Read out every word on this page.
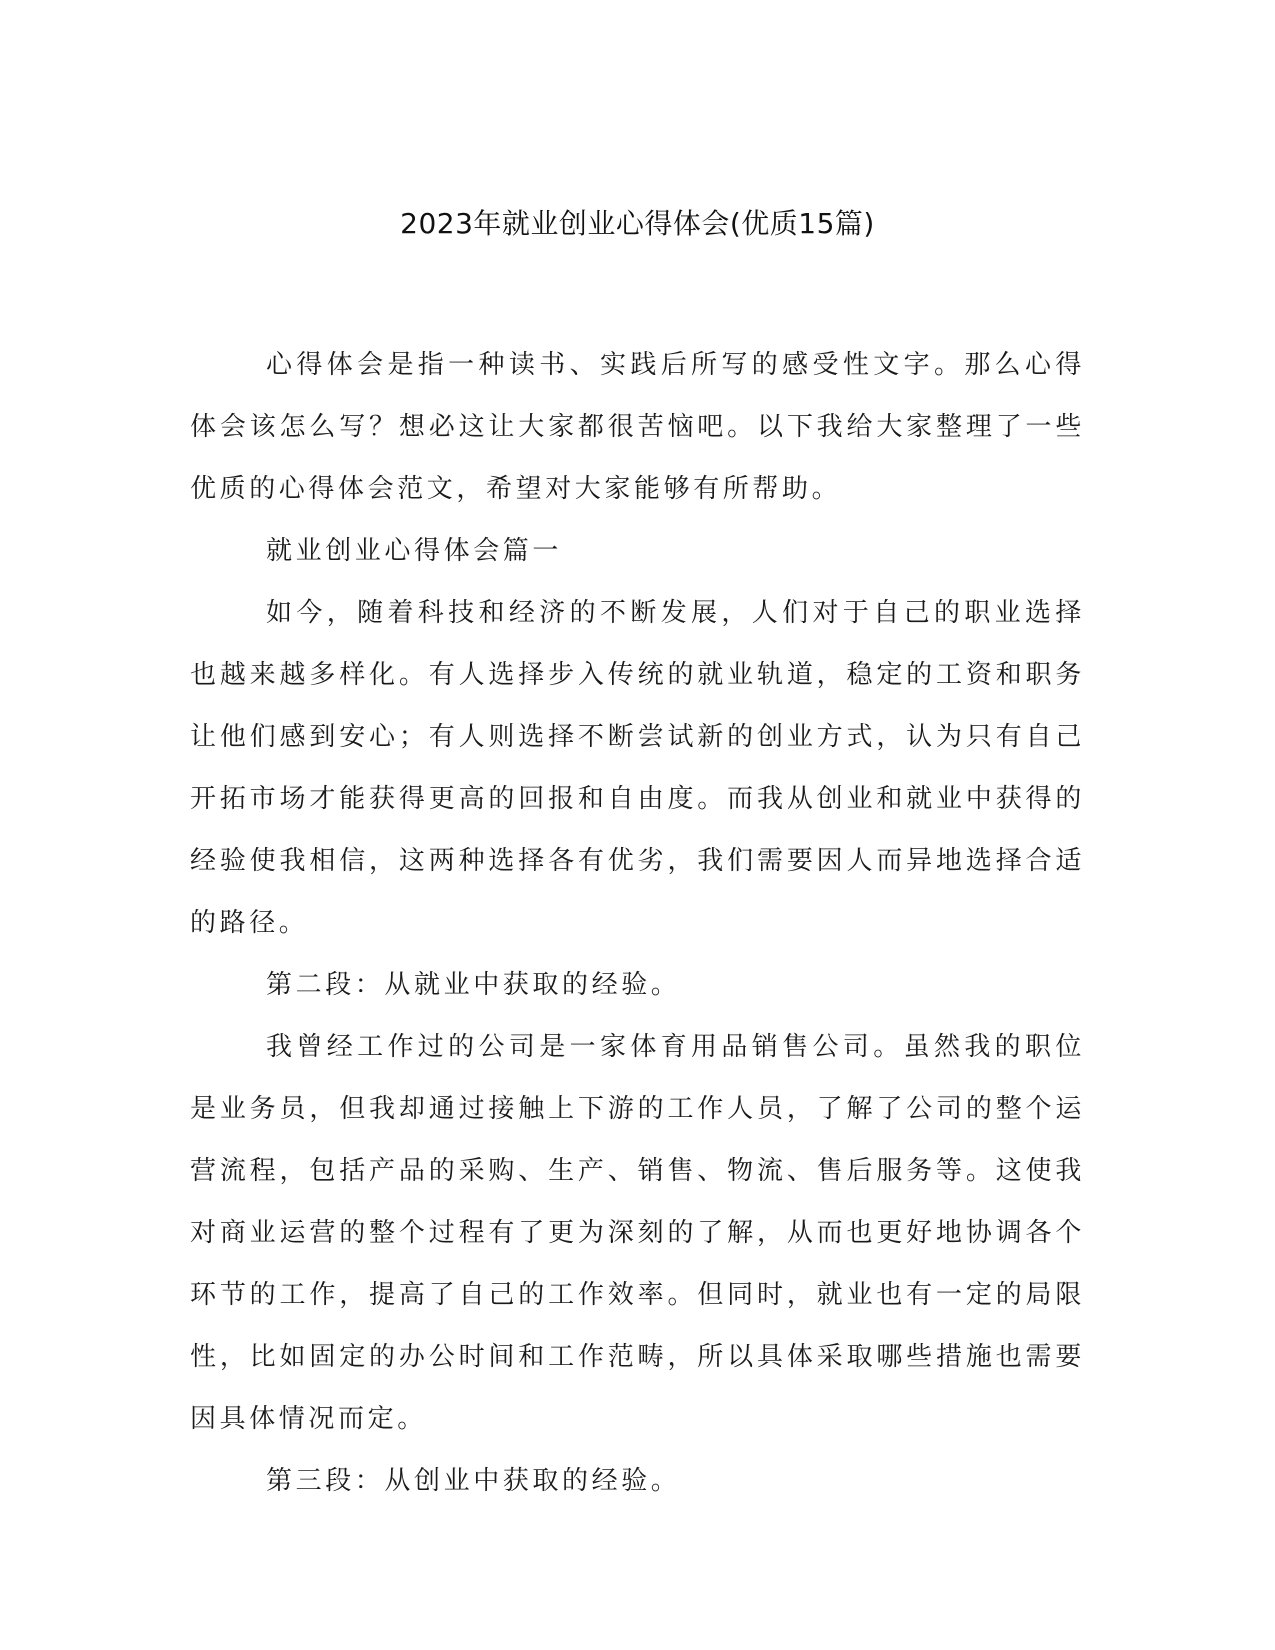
2023年就业创业心得体会(优质15篇)

心得体会是指一种读书、实践后所写的感受性文字。那么心得体会该怎么写？想必这让大家都很苦恼吧。以下我给大家整理了一些优质的心得体会范文，希望对大家能够有所帮助。

就业创业心得体会篇一

如今，随着科技和经济的不断发展，人们对于自己的职业选择也越来越多样化。有人选择步入传统的就业轨道，稳定的工资和职务让他们感到安心；有人则选择不断尝试新的创业方式，认为只有自己开拓市场才能获得更高的回报和自由度。而我从创业和就业中获得的经验使我相信，这两种选择各有优劣，我们需要因人而异地选择合适的路径。

第二段：从就业中获取的经验。

我曾经工作过的公司是一家体育用品销售公司。虽然我的职位是业务员，但我却通过接触上下游的工作人员，了解了公司的整个运营流程，包括产品的采购、生产、销售、物流、售后服务等。这使我对商业运营的整个过程有了更为深刻的了解，从而也更好地协调各个环节的工作，提高了自己的工作效率。但同时，就业也有一定的局限性，比如固定的办公时间和工作范畴，所以具体采取哪些措施也需要因具体情况而定。

第三段：从创业中获取的经验。
